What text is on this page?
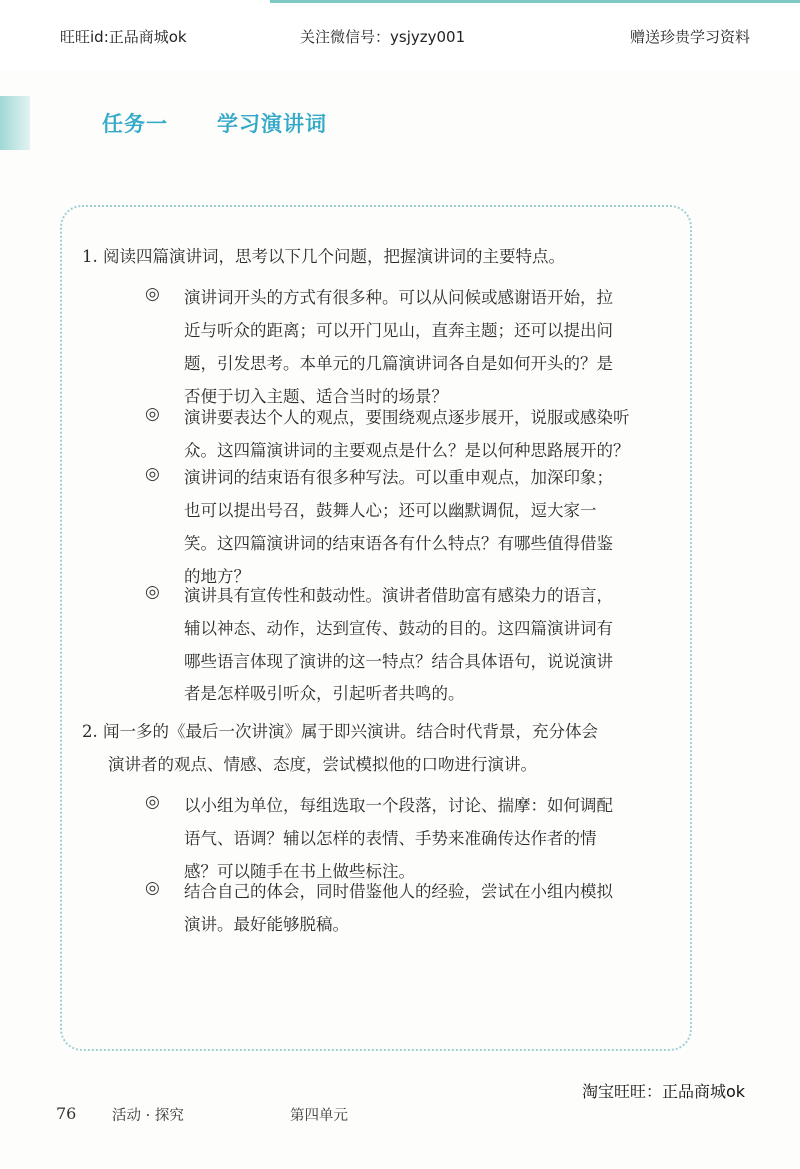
旺旺id:正品商城ok	关注微信号：ysjyzy001	赠送珍贵学习资料
任务一 学习演讲词
1. 阅读四篇演讲词，思考以下几个问题，把握演讲词的主要特点。
◎ 演讲词开头的方式有很多种。可以从问候或感谢语开始，拉
近与听众的距离；可以开门见山，直奔主题；还可以提出问
题，引发思考。本单元的几篇演讲词各自是如何开头的？是
否便于切入主题、适合当时的场景？
◎ 演讲要表达个人的观点，要围绕观点逐步展开，说服或感染听
众。这四篇演讲词的主要观点是什么？是以何种思路展开的？
◎ 演讲词的结束语有很多种写法。可以重申观点，加深印象；
也可以提出号召，鼓舞人心；还可以幽默调侃，逗大家一
笑。这四篇演讲词的结束语各有什么特点？有哪些值得借鉴
的地方？
◎ 演讲具有宣传性和鼓动性。演讲者借助富有感染力的语言，
辅以神态、动作，达到宣传、鼓动的目的。这四篇演讲词有
哪些语言体现了演讲的这一特点？结合具体语句，说说演讲
者是怎样吸引听众，引起听者共鸣的。
2. 闻一多的《最后一次讲演》属于即兴演讲。结合时代背景，充分体会
演讲者的观点、情感、态度，尝试模拟他的口吻进行演讲。
◎ 以小组为单位，每组选取一个段落，讨论、揣摩：如何调配
语气、语调？辅以怎样的表情、手势来准确传达作者的情
感？可以随手在书上做些标注。
◎ 结合自己的体会，同时借鉴他人的经验，尝试在小组内模拟
演讲。最好能够脱稿。
淘宝旺旺：正品商城ok
76 活动 · 探究	第四单元
